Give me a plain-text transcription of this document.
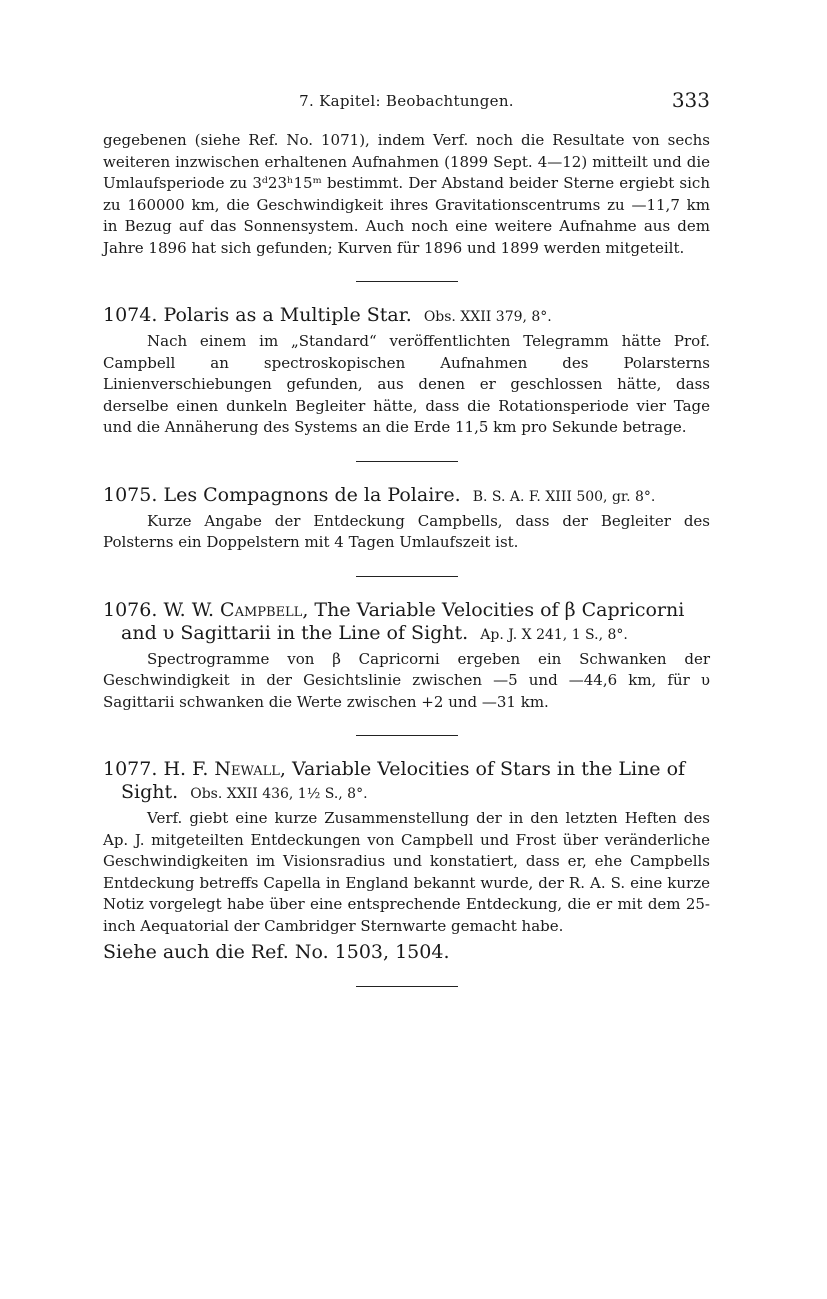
7. Kapitel: Beobachtungen.	333

gegebenen (siehe Ref. No. 1071), indem Verf. noch die Resultate von sechs weiteren inzwischen erhaltenen Aufnahmen (1899 Sept. 4—12) mitteilt und die Umlaufsperiode zu 3ᵈ23ʰ15ᵐ bestimmt. Der Abstand beider Sterne ergiebt sich zu 160000 km, die Geschwindigkeit ihres Gravitationscentrums zu —11,7 km in Bezug auf das Sonnensystem. Auch noch eine weitere Aufnahme aus dem Jahre 1896 hat sich gefunden; Kurven für 1896 und 1899 werden mitgeteilt.

1074. Polaris as a Multiple Star. Obs. XXII 379, 8°.

Nach einem im „Standard“ veröffentlichten Telegramm hätte Prof. Campbell an spectroskopischen Aufnahmen des Polarsterns Linienverschiebungen gefunden, aus denen er geschlossen hätte, dass derselbe einen dunkeln Begleiter hätte, dass die Rotationsperiode vier Tage und die Annäherung des Systems an die Erde 11,5 km pro Sekunde betrage.

1075. Les Compagnons de la Polaire. B. S. A. F. XIII 500, gr. 8°.

Kurze Angabe der Entdeckung Campbells, dass der Begleiter des Polsterns ein Doppelstern mit 4 Tagen Umlaufszeit ist.

1076. W. W. Campbell, The Variable Velocities of β Capricorni and υ Sagittarii in the Line of Sight. Ap. J. X 241, 1 S., 8°.

Spectrogramme von β Capricorni ergeben ein Schwanken der Geschwindigkeit in der Gesichtslinie zwischen —5 und —44,6 km, für υ Sagittarii schwanken die Werte zwischen +2 und —31 km.

1077. H. F. Newall, Variable Velocities of Stars in the Line of Sight. Obs. XXII 436, 1½ S., 8°.

Verf. giebt eine kurze Zusammenstellung der in den letzten Heften des Ap. J. mitgeteilten Entdeckungen von Campbell und Frost über veränderliche Geschwindigkeiten im Visionsradius und konstatiert, dass er, ehe Campbells Entdeckung betreffs Capella in England bekannt wurde, der R. A. S. eine kurze Notiz vorgelegt habe über eine entsprechende Entdeckung, die er mit dem 25-inch Aequatorial der Cambridger Sternwarte gemacht habe.

Siehe auch die Ref. No. 1503, 1504.
